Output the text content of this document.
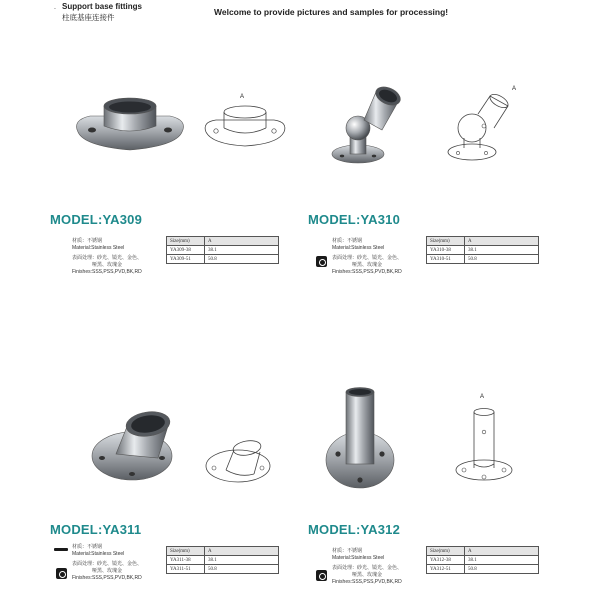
. Support base fittings
柱底基座连接件
Welcome to provide pictures and samples for processing!
A
A
A
MODEL:YA309
材质：不锈钢
Material:Stainless Steel
表面处理：砂光、镜光、金色、
哑黑、玫瑰金
Finishes:SSS,PSS,PVD,BK,RD
Size(mm)	A
YA309-38	38.1
YA309-51	50.8
MODEL:YA310
材质：不锈钢
Material:Stainless Steel
表面处理：砂光、镜光、金色、
哑黑、玫瑰金
Finishes:SSS,PSS,PVD,BK,RD
Size(mm)	A
YA310-38	38.1
YA310-51	50.8
MODEL:YA311
材质：不锈钢
Material:Stainless Steel
表面处理：砂光、镜光、金色、
哑黑、玫瑰金
Finishes:SSS,PSS,PVD,BK,RD
Size(mm)	A
YA311-38	38.1
YA311-51	50.8
MODEL:YA312
材质：不锈钢
Material:Stainless Steel
表面处理：砂光、镜光、金色、
哑黑、玫瑰金
Finishes:SSS,PSS,PVD,BK,RD
Size(mm)	A
YA312-38	38.1
YA312-51	50.8
